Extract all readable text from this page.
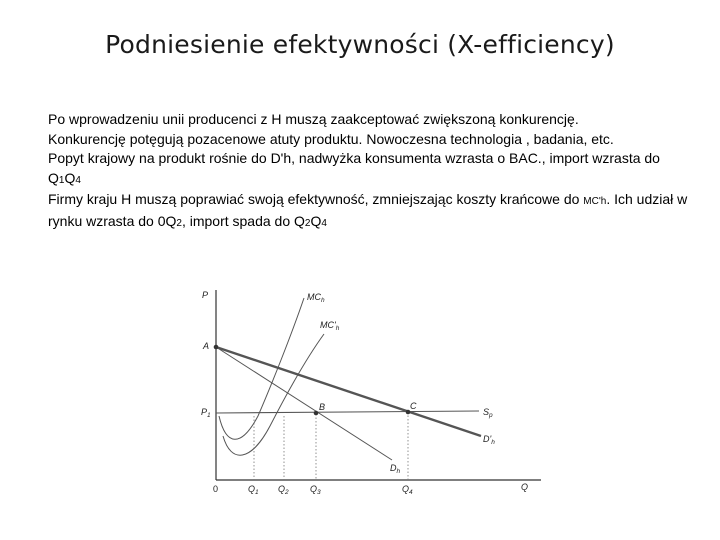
Podniesienie efektywności (X-efficiency)

Po wprowadzeniu unii producenci z H muszą zaakceptować zwiększoną konkurencję.

Konkurencję potęgują pozacenowe atuty produktu. Nowoczesna technologia , badania, etc.

Popyt krajowy na produkt rośnie do D'h, nadwyżka konsumenta wzrasta o BAC., import wzrasta do Q1Q4

Firmy kraju H muszą poprawiać swoją efektywność, zmniejszając koszty krańcowe do MC'h. Ich udział w rynku wzrasta do 0Q2, import spada do Q2Q4

P
Q
0
A
B	C
$P_1$
$MC_h$
$MC'_h$
$S_p$
$D'_h$
$D_h$
$Q_1$ $Q_2$ $Q_3$	$Q_4$
